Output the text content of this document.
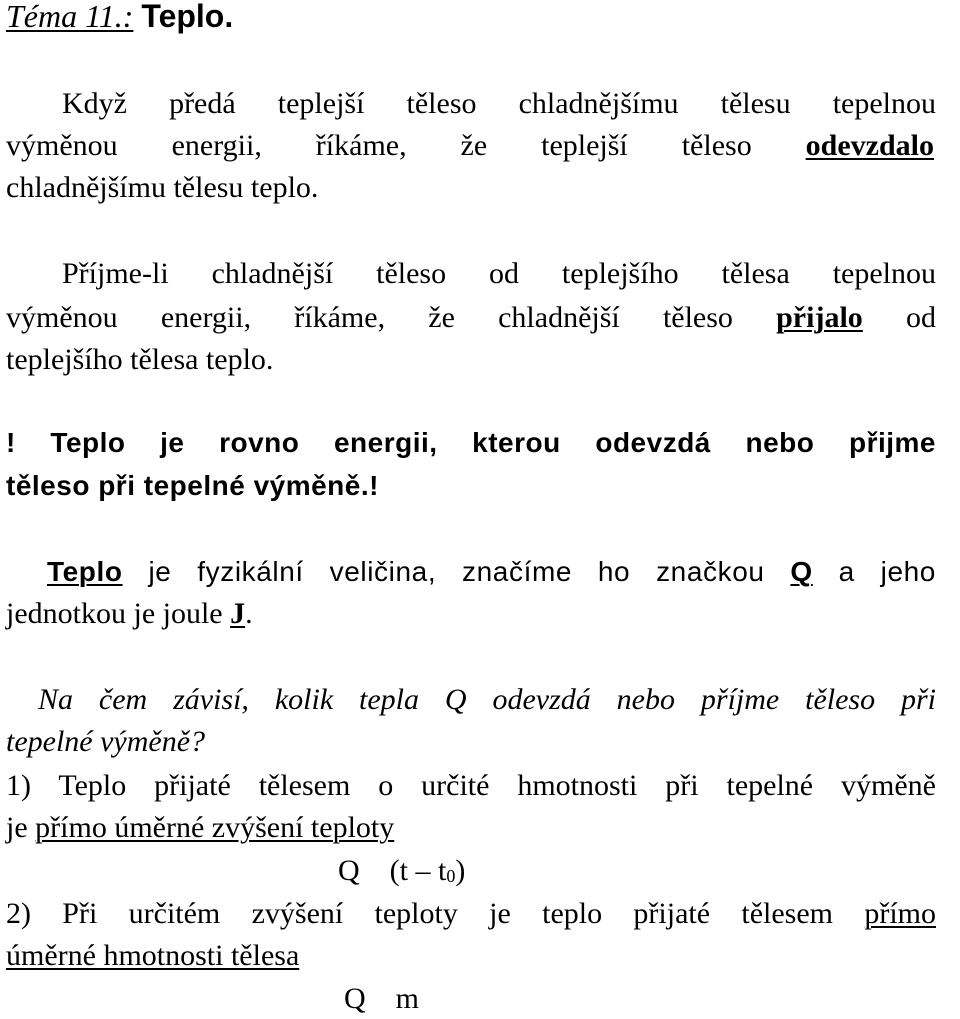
Téma 11.: Teplo.
Když předá teplejší těleso chladnějšímu tělesu tepelnou
výměnou energii, říkáme, že teplejší těleso odevzdalo
chladnějšímu tělesu teplo.
Příjme-li chladnější těleso od teplejšího tělesa tepelnou
výměnou energii, říkáme, že chladnější těleso přijalo od
teplejšího tělesa teplo.
! Teplo je rovno energii, kterou odevzdá nebo přijme
těleso při tepelné výměně.!
Teplo je fyzikální veličina, značíme ho značkou Q a jeho
jednotkou je joule J.
Na čem závisí, kolik tepla Q odevzdá nebo příjme těleso při
tepelné výměně?
1) Teplo přijaté tělesem o určité hmotnosti při tepelné výměně
je přímo úměrné zvýšení teploty
Q (t – t0)
2) Při určitém zvýšení teploty je teplo přijaté tělesem přímo
úměrné hmotnosti tělesa
Q m
